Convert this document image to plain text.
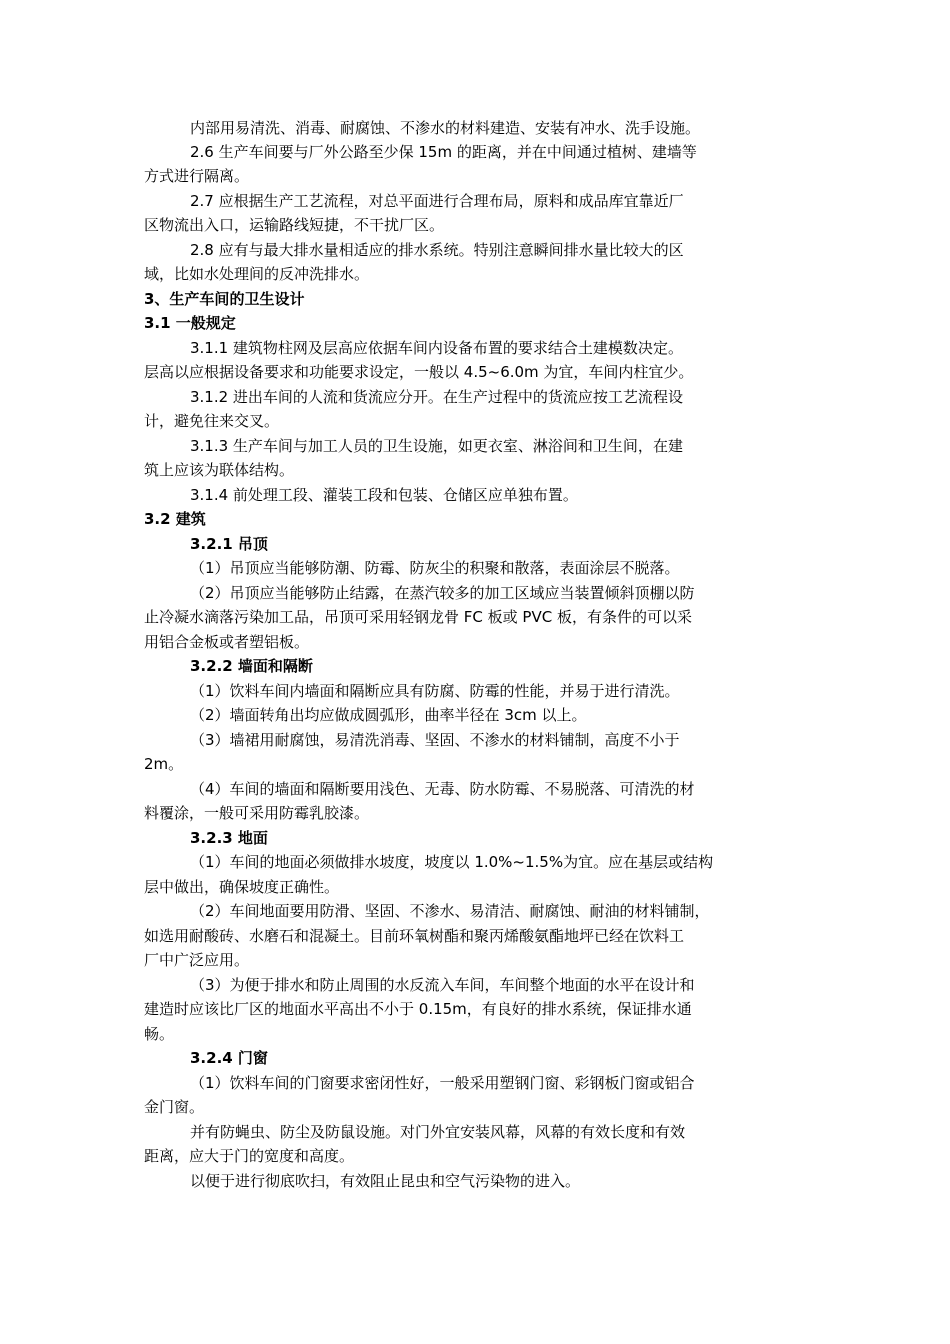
内部用易清洗、消毒、耐腐蚀、不渗水的材料建造、安装有冲水、洗手设施。
2.6 生产车间要与厂外公路至少保 15m 的距离，并在中间通过植树、建墙等
方式进行隔离。
2.7 应根据生产工艺流程，对总平面进行合理布局，原料和成品库宜靠近厂
区物流出入口，运输路线短捷，不干扰厂区。
2.8 应有与最大排水量相适应的排水系统。特别注意瞬间排水量比较大的区
域，比如水处理间的反冲洗排水。
3、生产车间的卫生设计
3.1 一般规定
3.1.1 建筑物柱网及层高应依据车间内设备布置的要求结合土建模数决定。
层高以应根据设备要求和功能要求设定，一般以 4.5~6.0m 为宜，车间内柱宜少。
3.1.2 进出车间的人流和货流应分开。在生产过程中的货流应按工艺流程设
计，避免往来交叉。
3.1.3 生产车间与加工人员的卫生设施，如更衣室、淋浴间和卫生间，在建
筑上应该为联体结构。
3.1.4 前处理工段、灌装工段和包装、仓储区应单独布置。
3.2 建筑
3.2.1 吊顶
（1）吊顶应当能够防潮、防霉、防灰尘的积聚和散落，表面涂层不脱落。
（2）吊顶应当能够防止结露，在蒸汽较多的加工区域应当装置倾斜顶棚以防
止冷凝水滴落污染加工品，吊顶可采用轻钢龙骨 FC 板或 PVC 板，有条件的可以采
用铝合金板或者塑铝板。
3.2.2 墙面和隔断
（1）饮料车间内墙面和隔断应具有防腐、防霉的性能，并易于进行清洗。
（2）墙面转角出均应做成圆弧形，曲率半径在 3cm 以上。
（3）墙裙用耐腐蚀，易清洗消毒、坚固、不渗水的材料铺制，高度不小于
2m。
（4）车间的墙面和隔断要用浅色、无毒、防水防霉、不易脱落、可清洗的材
料覆涂，一般可采用防霉乳胶漆。
3.2.3 地面
（1）车间的地面必须做排水坡度，坡度以 1.0%~1.5%为宜。应在基层或结构
层中做出，确保坡度正确性。
（2）车间地面要用防滑、坚固、不渗水、易清洁、耐腐蚀、耐油的材料铺制，
如选用耐酸砖、水磨石和混凝土。目前环氧树酯和聚丙烯酸氨酯地坪已经在饮料工
厂中广泛应用。
（3）为便于排水和防止周围的水反流入车间，车间整个地面的水平在设计和
建造时应该比厂区的地面水平高出不小于 0.15m，有良好的排水系统，保证排水通
畅。
3.2.4 门窗
（1）饮料车间的门窗要求密闭性好，一般采用塑钢门窗、彩钢板门窗或铝合
金门窗。
并有防蝇虫、防尘及防鼠设施。对门外宜安装风幕，风幕的有效长度和有效
距离，应大于门的宽度和高度。
以便于进行彻底吹扫，有效阻止昆虫和空气污染物的进入。
